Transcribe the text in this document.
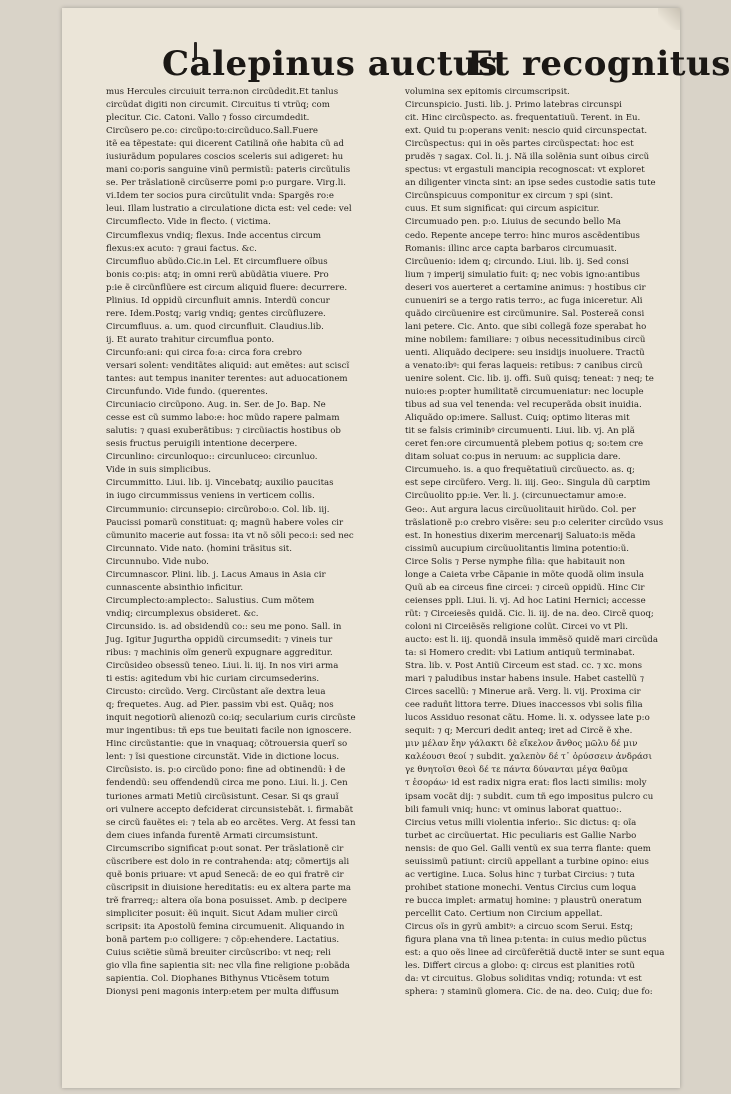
Calepinus auctus
Et recognitus
mus Hercules circuiuit terra:non circũdedit.Et tanlus
circũdat digiti non circumit. Circuitus ti vtrũq; com
plecitur. Cic. Catoni. Vallo ⁊ fosso circumdedit.
Circũsero pe.co: circũpo:to:circũduco.Sall.Fuere
itẽ ea tẽpestate: qui dicerent Catilinã oñe habita cũ ad
iusiurãdum populares coscios sceleris sui adigeret: hu
mani co:poris sanguine vinũ permistũ: pateris circũtulis
se. Per trãslationẽ circũserre pomi p:o purgare. Virg.li.
vi.Idem ter socios pura circũtulit vnda: Spargẽs ro:e
leui. Illam lustratio a circulatione dicta est: vel cede: vel
Circumflecto. Vide in flecto. ( victima.
Circumflexus vndiq; flexus. Inde accentus circum
flexus:ex acuto: ⁊ graui factus. &c.
Circumfluo abũdo.Cic.in Lel. Et circumfluere oĩbus
bonis co:pis: atq; in omni rerũ abũdãtia viuere. Pro
p:ie ẽ circũnflũere est circum aliquid fluere: decurrere.
Plinius. Id oppidũ circunfluit amnis. Interdũ concur
rere. Idem.Postq; varig vndiq; gentes circũfluzere.
Circumfluus. a. um. quod circunfluit. Claudius.lib.
ij. Et aurato trahitur circumflua ponto.
Circunfo:ani: qui circa fo:a: circa fora crebro
versari solent: venditãtes aliquid: aut emẽtes: aut sciscĩ
tantes: aut tempus inaniter terentes: aut aduocationem
Circunfundo. Vide fundo. (querentes.
Circuniacio circũpono. Aug. in. Ser. de Jo. Bap. Ne
cesse est cũ summo labo:e: hoc mũdo rapere palmam
salutis: ⁊ quasi exuberãtibus: ⁊ circũiactis hostibus ob
sesis fructus peruigili intentione decerpere.
Circunlino: circunloquo:: circunluceo: circunluo.
Vide in suis simplicibus.
Circummitto. Liui. lib. ij. Vincebatq; auxilio paucitas
in iugo circummissus veniens in verticem collis.
Circummunio: circunsepio: circũrobo:o. Col. lib. iij.
Paucissi pomarũ constituat: q; magnũ habere voles cir
cũmunito macerie aut fossa: ita vt nõ sõli peco:i: sed nec
Circunnato. Vide nato. (homini trãsitus sit.
Circunnubo. Vide nubo.
Circumnascor. Plini. lib. j. Lacus Amaus in Asia cir
cunnascente absinthio inficitur.
Circumplecto:amplecto:. Salustius. Cum mõtem
vndiq; circumplexus obsideret. &c.
Circunsido. is. ad obsidendũ co:: seu me pono. Sall. in
Jug. Igitur Jugurtha oppidũ circumsedit: ⁊ vineis tur
ribus: ⁊ machinis oĩm generũ expugnare aggreditur.
Circũsideo obsessũ teneo. Liui. li. iij. In nos viri arma
ti estis: agitedum vbi hic curiam circumsederins.
Circusto: circũdo. Verg. Circũstant aĩe dextra leua
q; frequetes. Aug. ad Pier. passim vbi est. Quãq; nos
inquit negotiorũ alienozũ co:iq; secularium curis circũste
mur ingentibus: tñ eps tue beuitati facile non ignoscere.
Hinc circũstantie: que in vnaquaq; cõtrouersia querĩ so
lent: ⁊ ĩsi questione circunstãt. Vide in dictione locus.
Circũsisto. is. p:o circũdo pono: fine ad obtinendũ: ɫ de
fendendũ: seu offendendũ circa me pono. Liui. li. j. Cen
turiones armati Metiũ circũsistunt. Cesar. Si qs grauĩ
ori vulnere accepto defciderat circunsistebãt. i. firmabãt
se circũ fauẽtes ei: ⁊ tela ab eo arcẽtes. Verg. At fessi tan
dem ciues infanda furentẽ Armati circumsistunt.
Circumscribo significat p:out sonat. Per trãslationẽ cir
cũscribere est dolo in re contrahenda: atq; cõmertijs ali
quẽ bonis priuare: vt apud Senecã: de eo qui fratrẽ cir
cũscripsit in diuisione hereditatis: eu ex altera parte ma
trẽ frarreq;: altera oĩa bona posuisset. Amb. p decipere
simpliciter posuit: ẽũ inquit. Sicut Adam mulier circũ
scripsit: ita Apostolũ femina circumuenit. Aliquando in
bonã partem p:o colligere: ⁊ cõp:ehendere. Lactatius.
Cuius sciẽtie sũmã breuiter circũscribo: vt neq; reli
gio vlla fine sapientia sit: nec vlla fine religione p:obãda
sapientia. Col. Diophanes Bithynus Vticẽsem totum
Dionysi peni magonis interp:etem per multa diffusum
volumina sex epitomis circumscripsit.
Circunspicio. Justi. lib. j. Primo latebras circunspi
cit. Hinc circũspecto. as. frequentatiuũ. Terent. in Eu.
ext. Quid tu p:operans venit: nescio quid circunspectat.
Circũspectus: qui in oẽs partes circũspectat: hoc est
prudẽs ⁊ sagax. Col. li. j. Nã illa solẽnia sunt oibus circũ
spectus: vt ergastuli mancipia recognoscat: vt exploret
an diligenter vincta sint: an ipse sedes custodie satis tute
Circũnspicuus componitur ex circum ⁊ spi (sint.
cuus. Et sum significat: qui circum aspicitur.
Circumuado pen. p:o. Liuius de secundo bello Ma
cedo. Repente ancepe terro: hinc muros ascẽdentibus
Romanis: illinc arce capta barbaros circumuasit.
Circũuenio: idem q; circundo. Liui. lib. ij. Sed consi
lium ⁊ imperij simulatio fuit: q; nec vobis igno:antibus
deseri vos auerteret a certamine animus: ⁊ hostibus cir
cunueniri se a tergo ratis terro:, ac fuga iniceretur. Ali
quãdo circũuenire est circũmunire. Sal. Postereã consi
lani petere. Cic. Anto. que sibi collegã foze sperabat ho
mine nobilem: familiare: ⁊ oibus necessitudinibus circũ
uenti. Aliquãdo decipere: seu insidijs inuoluere. Tractũ
a venato:ibꝰ: qui feras laqueis: retibus: ⁊ canibus circũ
uenire solent. Cic. lib. ij. offi. Suũ quisq; teneat: ⁊ neq; te
nuio:es p:opter humilitatẽ circumueniatur: nec locuple
tibus ad sua vel tenenda: vel recuperãda obsit inuidia.
Aliquãdo op:imere. Sallust. Cuiq; optimo literas mit
tit se falsis criminibꝰ circumuenti. Liui. lib. vj. An plã
ceret fen:ore circumuentã plebem potius q; so:tem cre
ditam soluat co:pus in neruum: ac supplicia dare.
Circumueho. is. a quo frequẽtatiuũ circũuecto. as. q;
est sepe circũfero. Verg. li. iiij. Geo:. Singula dũ carptim
Circũuolito pp:ie. Ver. li. j. (circunuectamur amo:e.
Geo:. Aut argura lacus circũuolitauit hirũdo. Col. per
trãslationẽ p:o crebro visẽre: seu p:o celeriter circũdo vsus
est. In honestius dixerim mercenarij Saluato:is mẽda
cissimũ aucupium circũuolitantis limina potentio:ũ.
Circe Solis ⁊ Perse nymphe filia: que habitauit non
longe a Caieta vrbe Cãpanie in mõte quodã olim insula
Quũ ab ea circeus fine circei: ⁊ circeũ oppidũ. Hinc Cir
ceienses ppli. Liui. li. vj. Ad hoc Latini Hernici; accesse
rũt: ⁊ Circeiesẽs quidã. Cic. li. iij. de na. deo. Circẽ quoq;
coloni ni Circeiẽsẽs religione colũt. Circei vo vt Pli.
aucto: est li. iij. quondã insula immẽsõ quidẽ mari circũda
ta: si Homero credit: vbi Latium antiquũ terminabat.
Stra. lib. v. Post Antiũ Circeum est stad. cc. ⁊ xc. mons
mari ⁊ paludibus instar habens insule. Habet castellũ ⁊
Circes sacellũ: ⁊ Minerue arã. Verg. li. vij. Proxima cir
cee raduñt littora terre. Diues inaccessos vbi solis filia
lucos Assiduo resonat cãtu. Home. li. x. odyssee late p:o
sequit: ⁊ q; Mercuri dedit anteq; iret ad Circẽ ẽ xhe.
μιν μέλαν ἔην γάλακτι δὲ εἴκελον ἄνθος μῶλυ δέ μιν
καλέουσι θεοί ⁊ subdit. χαλεπὸν δέ τ᾽ ὀρύσσειν ἀνδράσι
γε θνητοῖσι θεοὶ δέ τε πάντα δύνανται μέγα θαῦμα
τ ἐσοράω· id est radix nigra erat: flos lacti similis: moly
ipsam vocãt dij: ⁊ subdit. cum tñ ego impositus pulcro cu
bili famuli vniq; hunc: vt ominus laborat quattuo:.
Circius vetus milli violentia inferio:. Sic dictus: q: oĩa
turbet ac circũuertat. Hic peculiaris est Gallie Narbo
nensis: de quo Gel. Galli ventũ ex sua terra flante: quem
seuissimũ patiunt: circiũ appellant a turbine opino: eius
ac vertigine. Luca. Solus hinc ⁊ turbat Circius: ⁊ tuta
prohibet statione monechi. Ventus Circius cum loqua
re bucca implet: armatuj homine: ⁊ plaustrũ oneratum
percellit Cato. Certium non Circium appellat.
Circus oĩs in gyrũ ambitꝰ: a circuo scom Serui. Estq;
figura plana vna tñ linea p:tenta: in cuius medio pũctus
est: a quo oẽs linee ad circũferẽtiã ductẽ inter se sunt equa
les. Differt circus a globo: q: circus est planities rotũ
da: vt circuitus. Globus soliditas vndiq; rotunda: vt est
sphera: ⁊ staminũ glomera. Cic. de na. deo. Cuiq; due fo:
